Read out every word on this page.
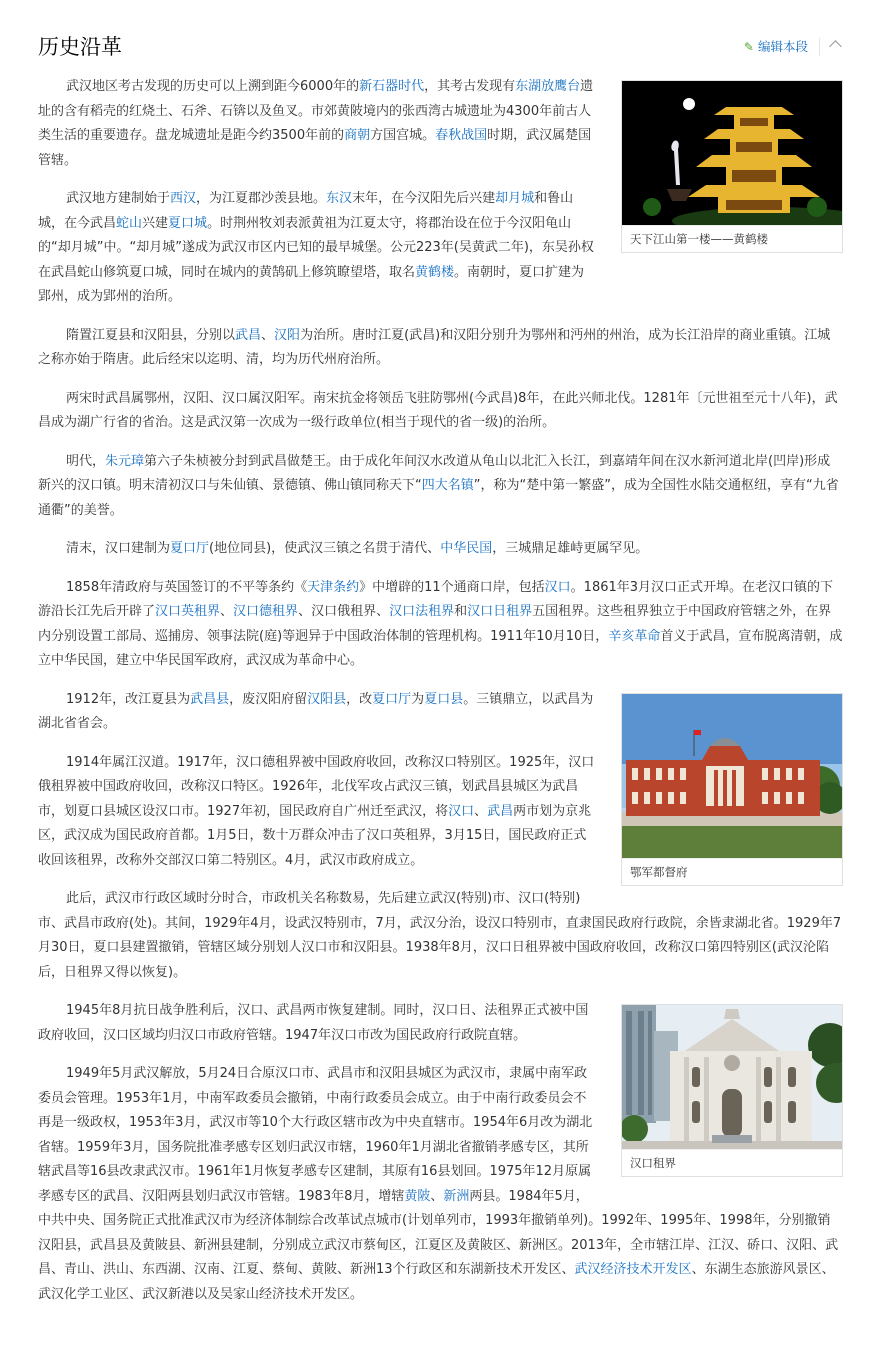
历史沿革	✎ 编辑本段
天下江山第一楼——黄鹤楼

武汉地区考古发现的历史可以上溯到距今6000年的新石器时代，其考古发现有东湖放鹰台遗址的含有稻壳的红烧土、石斧、石锛以及鱼叉。市郊黄陂境内的张西湾古城遗址为4300年前古人类生活的重要遗存。盘龙城遗址是距今约3500年前的商朝方国宫城。春秋战国时期，武汉属楚国管辖。

武汉地方建制始于西汉，为江夏郡沙羡县地。东汉末年，在今汉阳先后兴建却月城和鲁山城，在今武昌蛇山兴建夏口城。时荆州牧刘表派黄祖为江夏太守，将郡治设在位于今汉阳龟山的“却月城”中。“却月城”遂成为武汉市区内已知的最早城堡。公元223年(吴黄武二年)，东吴孙权在武昌蛇山修筑夏口城，同时在城内的黄鹄矶上修筑瞭望塔，取名黄鹤楼。南朝时，夏口扩建为郢州，成为郢州的治所。

隋置江夏县和汉阳县，分别以武昌、汉阳为治所。唐时江夏(武昌)和汉阳分别升为鄂州和沔州的州治，成为长江沿岸的商业重镇。江城之称亦始于隋唐。此后经宋以迄明、清，均为历代州府治所。

两宋时武昌属鄂州，汉阳、汉口属汉阳军。南宋抗金将领岳飞驻防鄂州(今武昌)8年，在此兴师北伐。1281年〔元世祖至元十八年)，武昌成为湖广行省的省治。这是武汉第一次成为一级行政单位(相当于现代的省一级)的治所。

明代，朱元璋第六子朱桢被分封到武昌做楚王。由于成化年间汉水改道从龟山以北汇入长江，到嘉靖年间在汉水新河道北岸(凹岸)形成新兴的汉口镇。明末清初汉口与朱仙镇、景德镇、佛山镇同称天下“四大名镇”，称为“楚中第一繁盛”，成为全国性水陆交通枢纽，享有“九省通衢”的美誉。

清末，汉口建制为夏口厅(地位同县)，使武汉三镇之名贯于清代、中华民国，三城鼎足雄峙更属罕见。

1858年清政府与英国签订的不平等条约《天津条约》中增辟的11个通商口岸，包括汉口。1861年3月汉口正式开埠。在老汉口镇的下游沿长江先后开辟了汉口英租界、汉口德租界、汉口俄租界、汉口法租界和汉口日租界五国租界。这些租界独立于中国政府管辖之外，在界内分别设置工部局、巡捕房、领事法院(庭)等迥异于中国政治体制的管理机构。1911年10月10日，辛亥革命首义于武昌，宣布脱离清朝，成立中华民国，建立中华民国军政府，武汉成为革命中心。

鄂军都督府

1912年，改江夏县为武昌县，废汉阳府留汉阳县，改夏口厅为夏口县。三镇鼎立，以武昌为湖北省省会。

1914年属江汉道。1917年，汉口德租界被中国政府收回，改称汉口特别区。1925年，汉口俄租界被中国政府收回，改称汉口特区。1926年，北伐军攻占武汉三镇，划武昌县城区为武昌市，划夏口县城区设汉口市。1927年初，国民政府自广州迁至武汉，将汉口、武昌两市划为京兆区，武汉成为国民政府首都。1月5日，数十万群众冲击了汉口英租界，3月15日，国民政府正式收回该租界，改称外交部汉口第二特别区。4月，武汉市政府成立。

此后，武汉市行政区域时分时合，市政机关名称数易，先后建立武汉(特别)市、汉口(特别)市、武昌市政府(处)。其间，1929年4月，设武汉特别市，7月，武汉分治，设汉口特别市，直隶国民政府行政院，余皆隶湖北省。1929年7月30日，夏口县建置撤销，管辖区域分别划人汉口市和汉阳县。1938年8月，汉口日租界被中国政府收回，改称汉口第四特别区(武汉沦陷后，日租界又得以恢复)。

汉口租界

1945年8月抗日战争胜利后，汉口、武昌两市恢复建制。同时，汉口日、法租界正式被中国政府收回，汉口区域均归汉口市政府管辖。1947年汉口市改为国民政府行政院直辖。

1949年5月武汉解放，5月24日合原汉口市、武昌市和汉阳县城区为武汉市，隶属中南军政委员会管理。1953年1月，中南军政委员会撤销，中南行政委员会成立。由于中南行政委员会不再是一级政权，1953年3月，武汉市等10个大行政区辖市改为中央直辖市。1954年6月改为湖北省辖。1959年3月，国务院批准孝感专区划归武汉市辖，1960年1月湖北省撤销孝感专区，其所辖武昌等16县改隶武汉市。1961年1月恢复孝感专区建制，其原有16县划回。1975年12月原属孝感专区的武昌、汉阳两县划归武汉市管辖。1983年8月，增辖黄陂、新洲两县。1984年5月，中共中央、国务院正式批准武汉市为经济体制综合改革试点城市(计划单列市，1993年撤销单列)。1992年、1995年、1998年，分别撤销汉阳县，武昌县及黄陂县、新洲县建制，分别成立武汉市蔡甸区，江夏区及黄陂区、新洲区。2013年，全市辖江岸、江汉、硚口、汉阳、武昌、青山、洪山、东西湖、汉南、江夏、蔡甸、黄陂、新洲13个行政区和东湖新技术开发区、武汉经济技术开发区、东湖生态旅游风景区、武汉化学工业区、武汉新港以及吴家山经济技术开发区。
